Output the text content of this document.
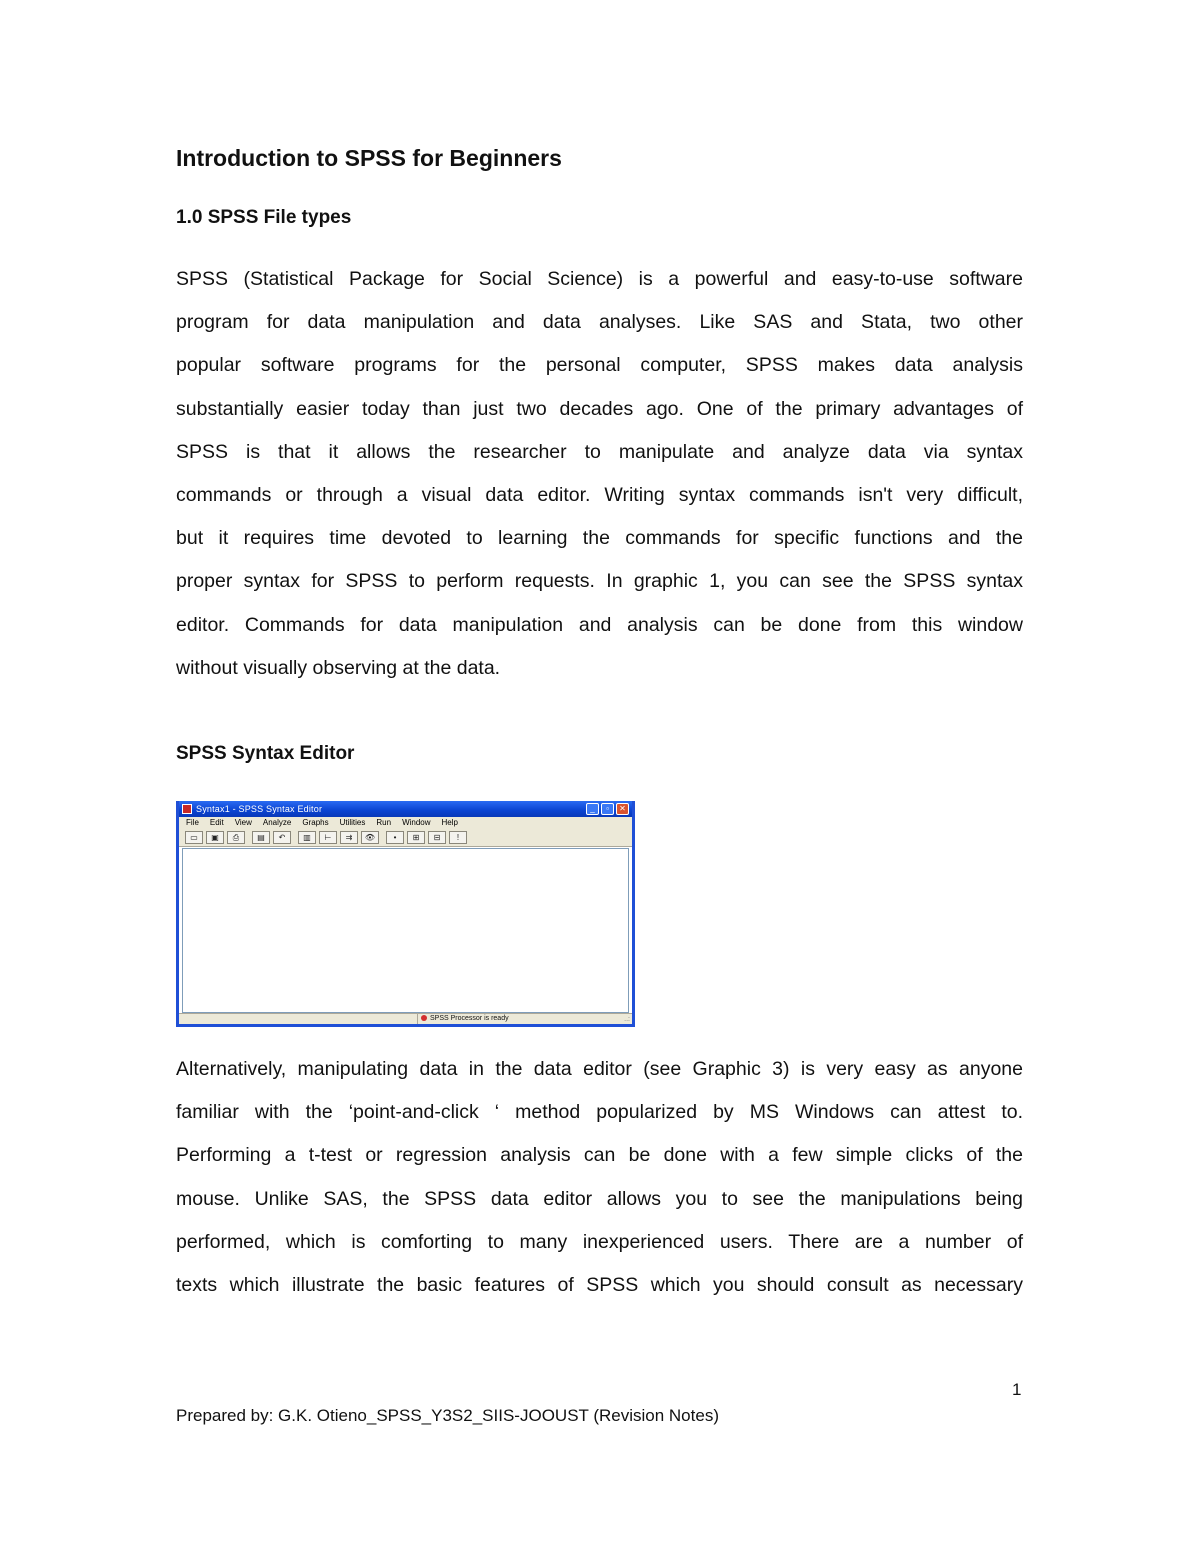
Introduction to SPSS for Beginners
1.0 SPSS File types
SPSS (Statistical Package for Social Science) is a powerful and easy-to-use software
program for data manipulation and data analyses. Like SAS and Stata, two other
popular software programs for the personal computer, SPSS makes data analysis
substantially easier today than just two decades ago. One of the primary advantages of
SPSS is that it allows the researcher to manipulate and analyze data via syntax
commands or through a visual data editor. Writing syntax commands isn't very difficult,
but it requires time devoted to learning the commands for specific functions and the
proper syntax for SPSS to perform requests. In graphic 1, you can see the SPSS syntax
editor. Commands for data manipulation and analysis can be done from this window
without visually observing at the data.
SPSS Syntax Editor
Syntax1 - SPSS Syntax Editor	_	▫	✕
File Edit View Analyze Graphs Utilities Run Window Help
▭	▣	⎙	▤	↶	▥	⊢	⇉	👁	•	⊞	⊟	!
SPSS Processor is ready	..:
Alternatively, manipulating data in the data editor (see Graphic 3) is very easy as anyone
familiar with the ‘point-and-click ‘ method popularized by MS Windows can attest to.
Performing a t-test or regression analysis can be done with a few simple clicks of the
mouse. Unlike SAS, the SPSS data editor allows you to see the manipulations being
performed, which is comforting to many inexperienced users. There are a number of
texts which illustrate the basic features of SPSS which you should consult as necessary
1
Prepared by: G.K. Otieno_SPSS_Y3S2_SIIS-JOOUST (Revision Notes)
